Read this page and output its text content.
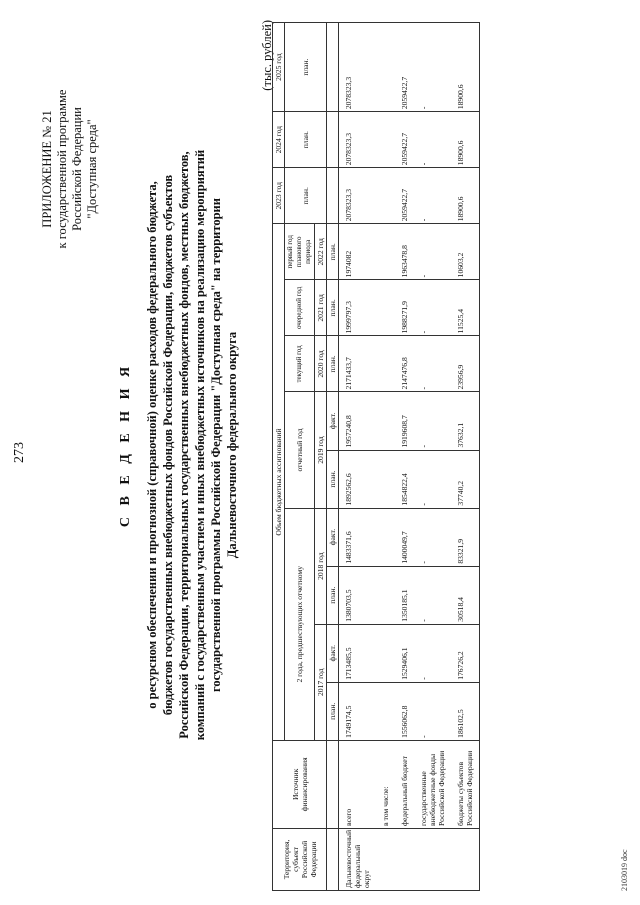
273
ПРИЛОЖЕНИЕ № 21 к государственной программе Российской Федерации "Доступная среда"
С В Е Д Е Н И Я о ресурсном обеспечении и прогнозной (справочной) оценке расходов федерального бюджета, бюджетов государственных внебюджетных фондов Российской Федерации, бюджетов субъектов Российской Федерации, территориальных государственных внебюджетных фондов, местных бюджетов, компаний с государственным участием и иных внебюджетных источников на реализацию мероприятий государственной программы Российской Федерации "Доступная среда" на территории Дальневосточного федерального округа
(тыс. рублей)
Территория, субъект Российской Федерации	Источник финансирования	Объем бюджетных ассигнований									2023 год	2024 год	2025 год
		2 года, предшествующих отчетному				отчетный год		текущий год	очередной год	первый год планового периода	план.	план.	план.

		2017 год		2018 год		2019 год		2020 год	2021 год	2022 год			
		план.	факт.	план.	факт.	план.	факт.	план.	план.	план.			
Дальневосточный федеральный округ	всего	1749174,5	1713485,5	1380703,5	1483371,6	1892562,6	1957240,8	2171433,7	1999797,3	1974082	2078323,3	2078323,3	2078323,3
	в том числе:												
	федеральный бюджет	1556062,8	1529406,1	1350185,1	1400049,7	1854822,4	1919608,7	2147476,8	1988271,9	1963478,8	2059422,7	2059422,7	2059422,7
	государственные внебюджетные фонды Российской Федерации	-	-	-	-	-	-	-	-	-	-	-	-
	бюджеты субъектов Российской Федерации	186102,5	176726,2	30518,4	83321,9	37740,2	37632,1	23956,9	11525,4	10603,2	18900,6	18900,6	18900,6
2103019 doc
